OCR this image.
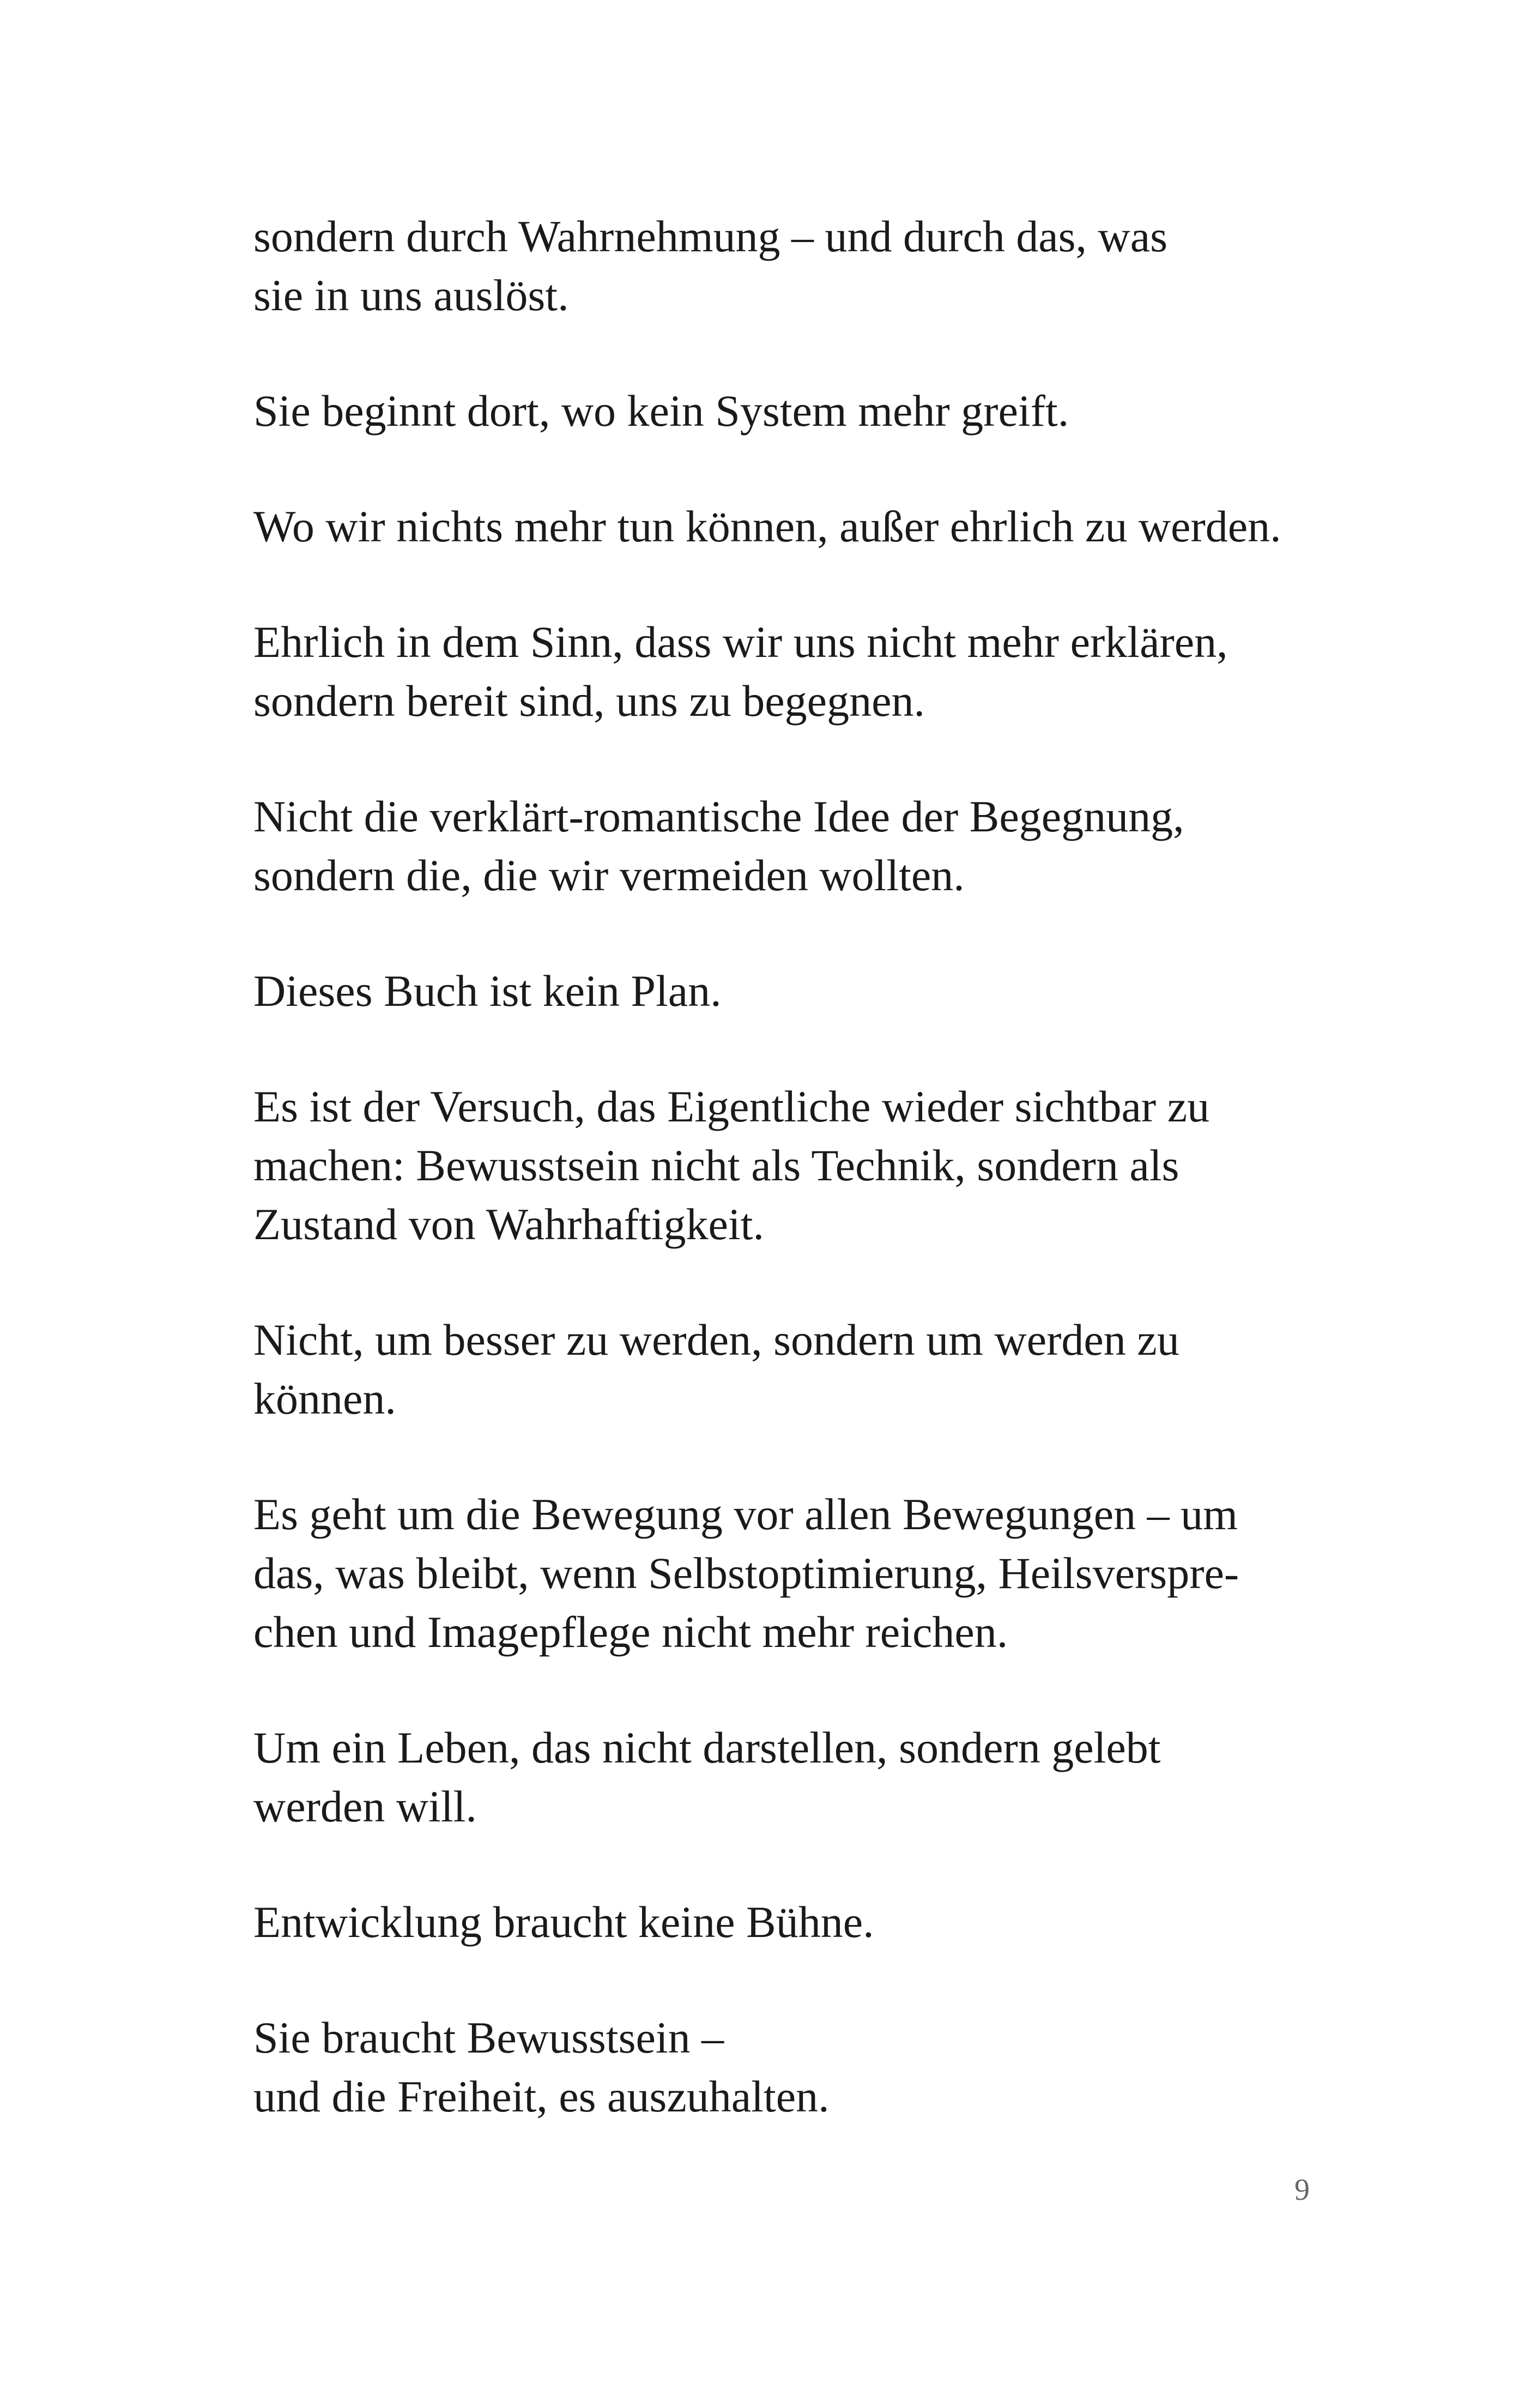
sondern durch Wahrnehmung – und durch das, was
sie in uns auslöst.

Sie beginnt dort, wo kein System mehr greift.

Wo wir nichts mehr tun können, außer ehrlich zu werden.

Ehrlich in dem Sinn, dass wir uns nicht mehr erklären,
sondern bereit sind, uns zu begegnen.

Nicht die verklärt-romantische Idee der Begegnung,
sondern die, die wir vermeiden wollten.

Dieses Buch ist kein Plan.

Es ist der Versuch, das Eigentliche wieder sichtbar zu
machen: Bewusstsein nicht als Technik, sondern als
Zustand von Wahrhaftigkeit.

Nicht, um besser zu werden, sondern um werden zu
können.

Es geht um die Bewegung vor allen Bewegungen – um
das, was bleibt, wenn Selbstoptimierung, Heilsverspre-
chen und Imagepflege nicht mehr reichen.

Um ein Leben, das nicht darstellen, sondern gelebt
werden will.

Entwicklung braucht keine Bühne.

Sie braucht Bewusstsein –
und die Freiheit, es auszuhalten.

9
